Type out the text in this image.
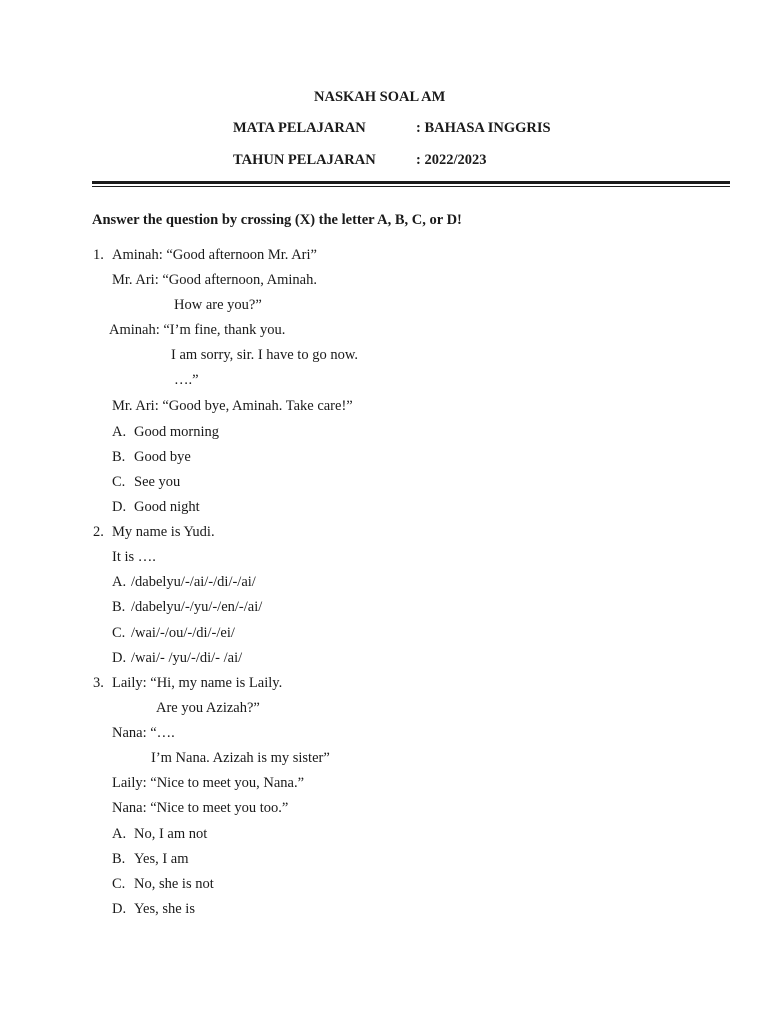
NASKAH SOAL AM
MATA PELAJARAN	: BAHASA INGGRIS
TAHUN PELAJARAN	: 2022/2023
Answer the question by crossing (X) the letter A, B, C, or D!
1. Aminah: “Good afternoon Mr. Ari”
Mr. Ari: “Good afternoon, Aminah.
How are you?”
Aminah: “I’m fine, thank you.
I am sorry, sir. I have to go now.
….”
Mr. Ari: “Good bye, Aminah. Take care!”
A. Good morning
B. Good bye
C. See you
D. Good night
2. My name is Yudi.
It is ….
A. /dabelyu/-/ai/-/di/-/ai/
B. /dabelyu/-/yu/-/en/-/ai/
C. /wai/-/ou/-/di/-/ei/
D. /wai/- /yu/-/di/- /ai/
3. Laily: “Hi, my name is Laily.
Are you Azizah?”
Nana: “….
I’m Nana. Azizah is my sister”
Laily: “Nice to meet you, Nana.”
Nana: “Nice to meet you too.”
A. No, I am not
B. Yes, I am
C. No, she is not
D. Yes, she is
